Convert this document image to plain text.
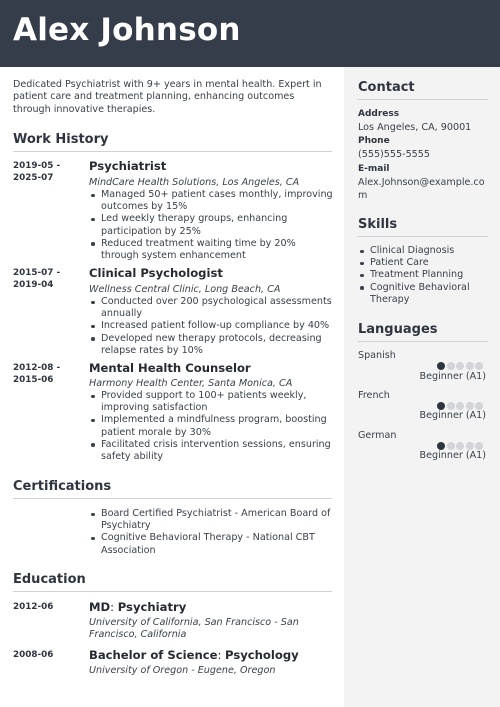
Alex Johnson
Dedicated Psychiatrist with 9+ years in mental health. Expert in patient care and treatment planning, enhancing outcomes through innovative therapies.
Work History
2019-05 -
2025-07
Psychiatrist
MindCare Health Solutions, Los Angeles, CA
Managed 50+ patient cases monthly, improving outcomes by 15%
Led weekly therapy groups, enhancing participation by 25%
Reduced treatment waiting time by 20% through system enhancement
2015-07 -
2019-04
Clinical Psychologist
Wellness Central Clinic, Long Beach, CA
Conducted over 200 psychological assessments annually
Increased patient follow-up compliance by 40%
Developed new therapy protocols, decreasing relapse rates by 10%
2012-08 -
2015-06
Mental Health Counselor
Harmony Health Center, Santa Monica, CA
Provided support to 100+ patients weekly, improving satisfaction
Implemented a mindfulness program, boosting patient morale by 30%
Facilitated crisis intervention sessions, ensuring safety ability
Certifications
Board Certified Psychiatrist - American Board of Psychiatry
Cognitive Behavioral Therapy - National CBT Association
Education
2012-06	MD: Psychiatry
University of California, San Francisco - San Francisco, California
2008-06	Bachelor of Science: Psychology
University of Oregon - Eugene, Oregon
Contact
Address
Los Angeles, CA, 90001
Phone
(555)555-5555
E-mail
Alex.Johnson@example.com
Skills
Clinical Diagnosis
Patient Care
Treatment Planning
Cognitive Behavioral Therapy
Languages
Spanish
Beginner (A1)
French
Beginner (A1)
German
Beginner (A1)
